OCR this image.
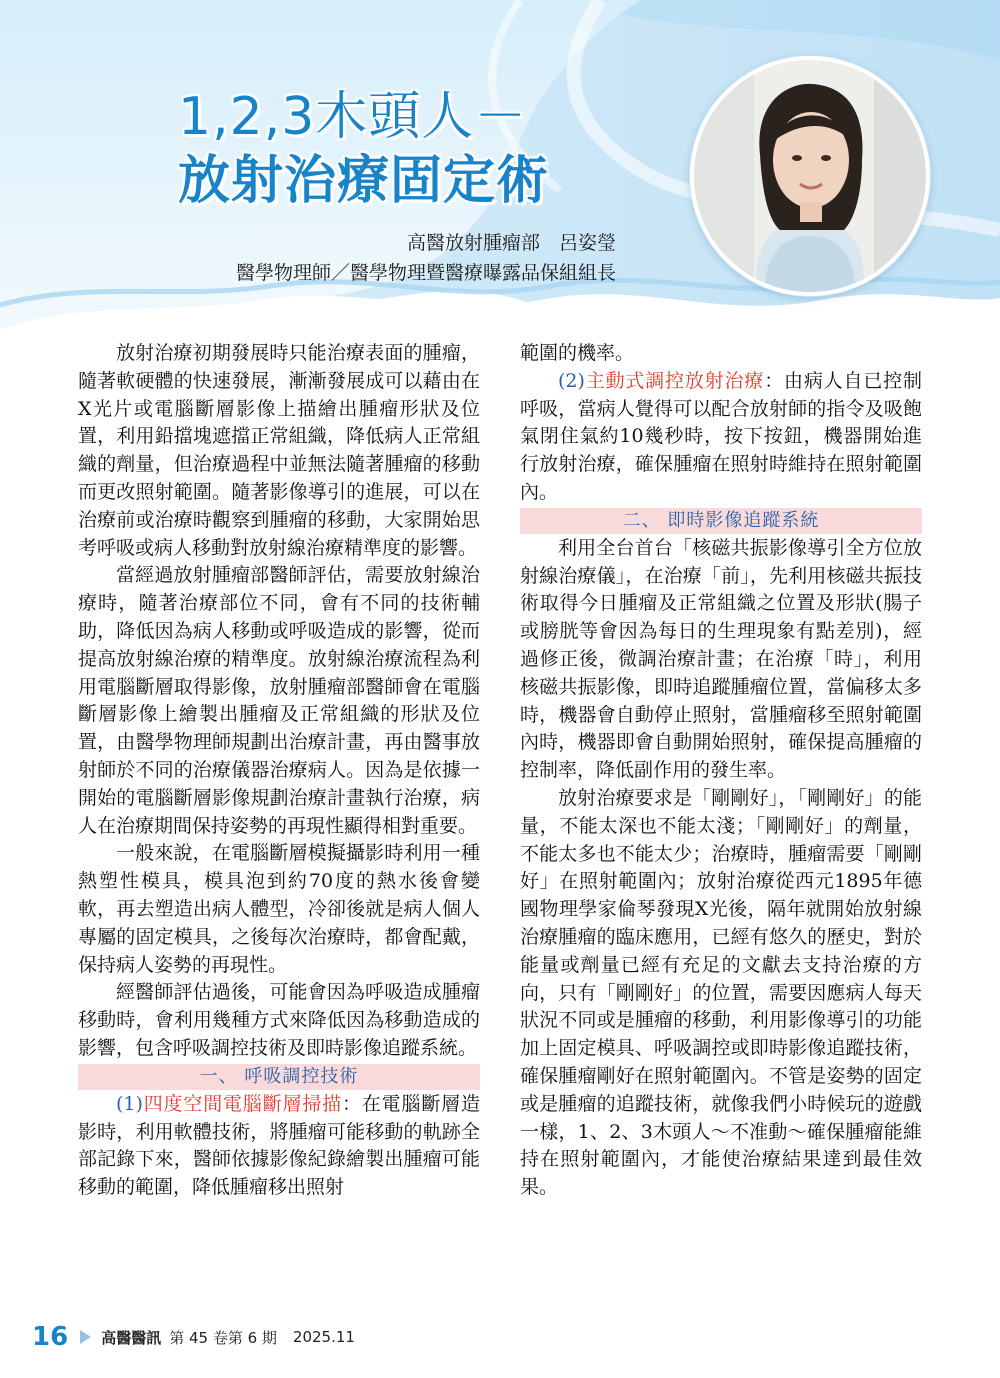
1,2,3木頭人－
放射治療固定術

高醫放射腫瘤部　呂姿瑩

醫學物理師／醫學物理暨醫療曝露品保組組長

放射治療初期發展時只能治療表面的腫瘤，隨著軟硬體的快速發展，漸漸發展成可以藉由在X光片或電腦斷層影像上描繪出腫瘤形狀及位置，利用鉛擋塊遮擋正常組織，降低病人正常組織的劑量，但治療過程中並無法隨著腫瘤的移動而更改照射範圍。隨著影像導引的進展，可以在治療前或治療時觀察到腫瘤的移動，大家開始思考呼吸或病人移動對放射線治療精準度的影響。

當經過放射腫瘤部醫師評估，需要放射線治療時，隨著治療部位不同，會有不同的技術輔助，降低因為病人移動或呼吸造成的影響，從而提高放射線治療的精準度。放射線治療流程為利用電腦斷層取得影像，放射腫瘤部醫師會在電腦斷層影像上繪製出腫瘤及正常組織的形狀及位置，由醫學物理師規劃出治療計畫，再由醫事放射師於不同的治療儀器治療病人。因為是依據一開始的電腦斷層影像規劃治療計畫執行治療，病人在治療期間保持姿勢的再現性顯得相對重要。

一般來說，在電腦斷層模擬攝影時利用一種熱塑性模具，模具泡到約70度的熱水後會變軟，再去塑造出病人體型，冷卻後就是病人個人專屬的固定模具，之後每次治療時，都會配戴，保持病人姿勢的再現性。

經醫師評估過後，可能會因為呼吸造成腫瘤移動時，會利用幾種方式來降低因為移動造成的影響，包含呼吸調控技術及即時影像追蹤系統。

一、 呼吸調控技術

(1)四度空間電腦斷層掃描：在電腦斷層造影時，利用軟體技術，將腫瘤可能移動的軌跡全部記錄下來，醫師依據影像紀錄繪製出腫瘤可能移動的範圍，降低腫瘤移出照射

範圍的機率。

(2)主動式調控放射治療：由病人自已控制呼吸，當病人覺得可以配合放射師的指令及吸飽氣閉住氣約10幾秒時，按下按鈕，機器開始進行放射治療，確保腫瘤在照射時維持在照射範圍內。

二、 即時影像追蹤系統

利用全台首台「核磁共振影像導引全方位放射線治療儀」，在治療「前」，先利用核磁共振技術取得今日腫瘤及正常組織之位置及形狀(腸子或膀胱等會因為每日的生理現象有點差別)，經過修正後，微調治療計畫；在治療「時」，利用核磁共振影像，即時追蹤腫瘤位置，當偏移太多時，機器會自動停止照射，當腫瘤移至照射範圍內時，機器即會自動開始照射，確保提高腫瘤的控制率，降低副作用的發生率。

放射治療要求是「剛剛好」，「剛剛好」的能量，不能太深也不能太淺；「剛剛好」的劑量，不能太多也不能太少；治療時，腫瘤需要「剛剛好」在照射範圍內；放射治療從西元1895年德國物理學家倫琴發現X光後，隔年就開始放射線治療腫瘤的臨床應用，已經有悠久的歷史，對於能量或劑量已經有充足的文獻去支持治療的方向，只有「剛剛好」的位置，需要因應病人每天狀況不同或是腫瘤的移動，利用影像導引的功能加上固定模具、呼吸調控或即時影像追蹤技術，確保腫瘤剛好在照射範圍內。不管是姿勢的固定或是腫瘤的追蹤技術，就像我們小時候玩的遊戲一樣，1、2、3木頭人～不准動～確保腫瘤能維持在照射範圍內，才能使治療結果達到最佳效果。

16 高醫醫訊 第 45 卷第 6 期 2025.11
